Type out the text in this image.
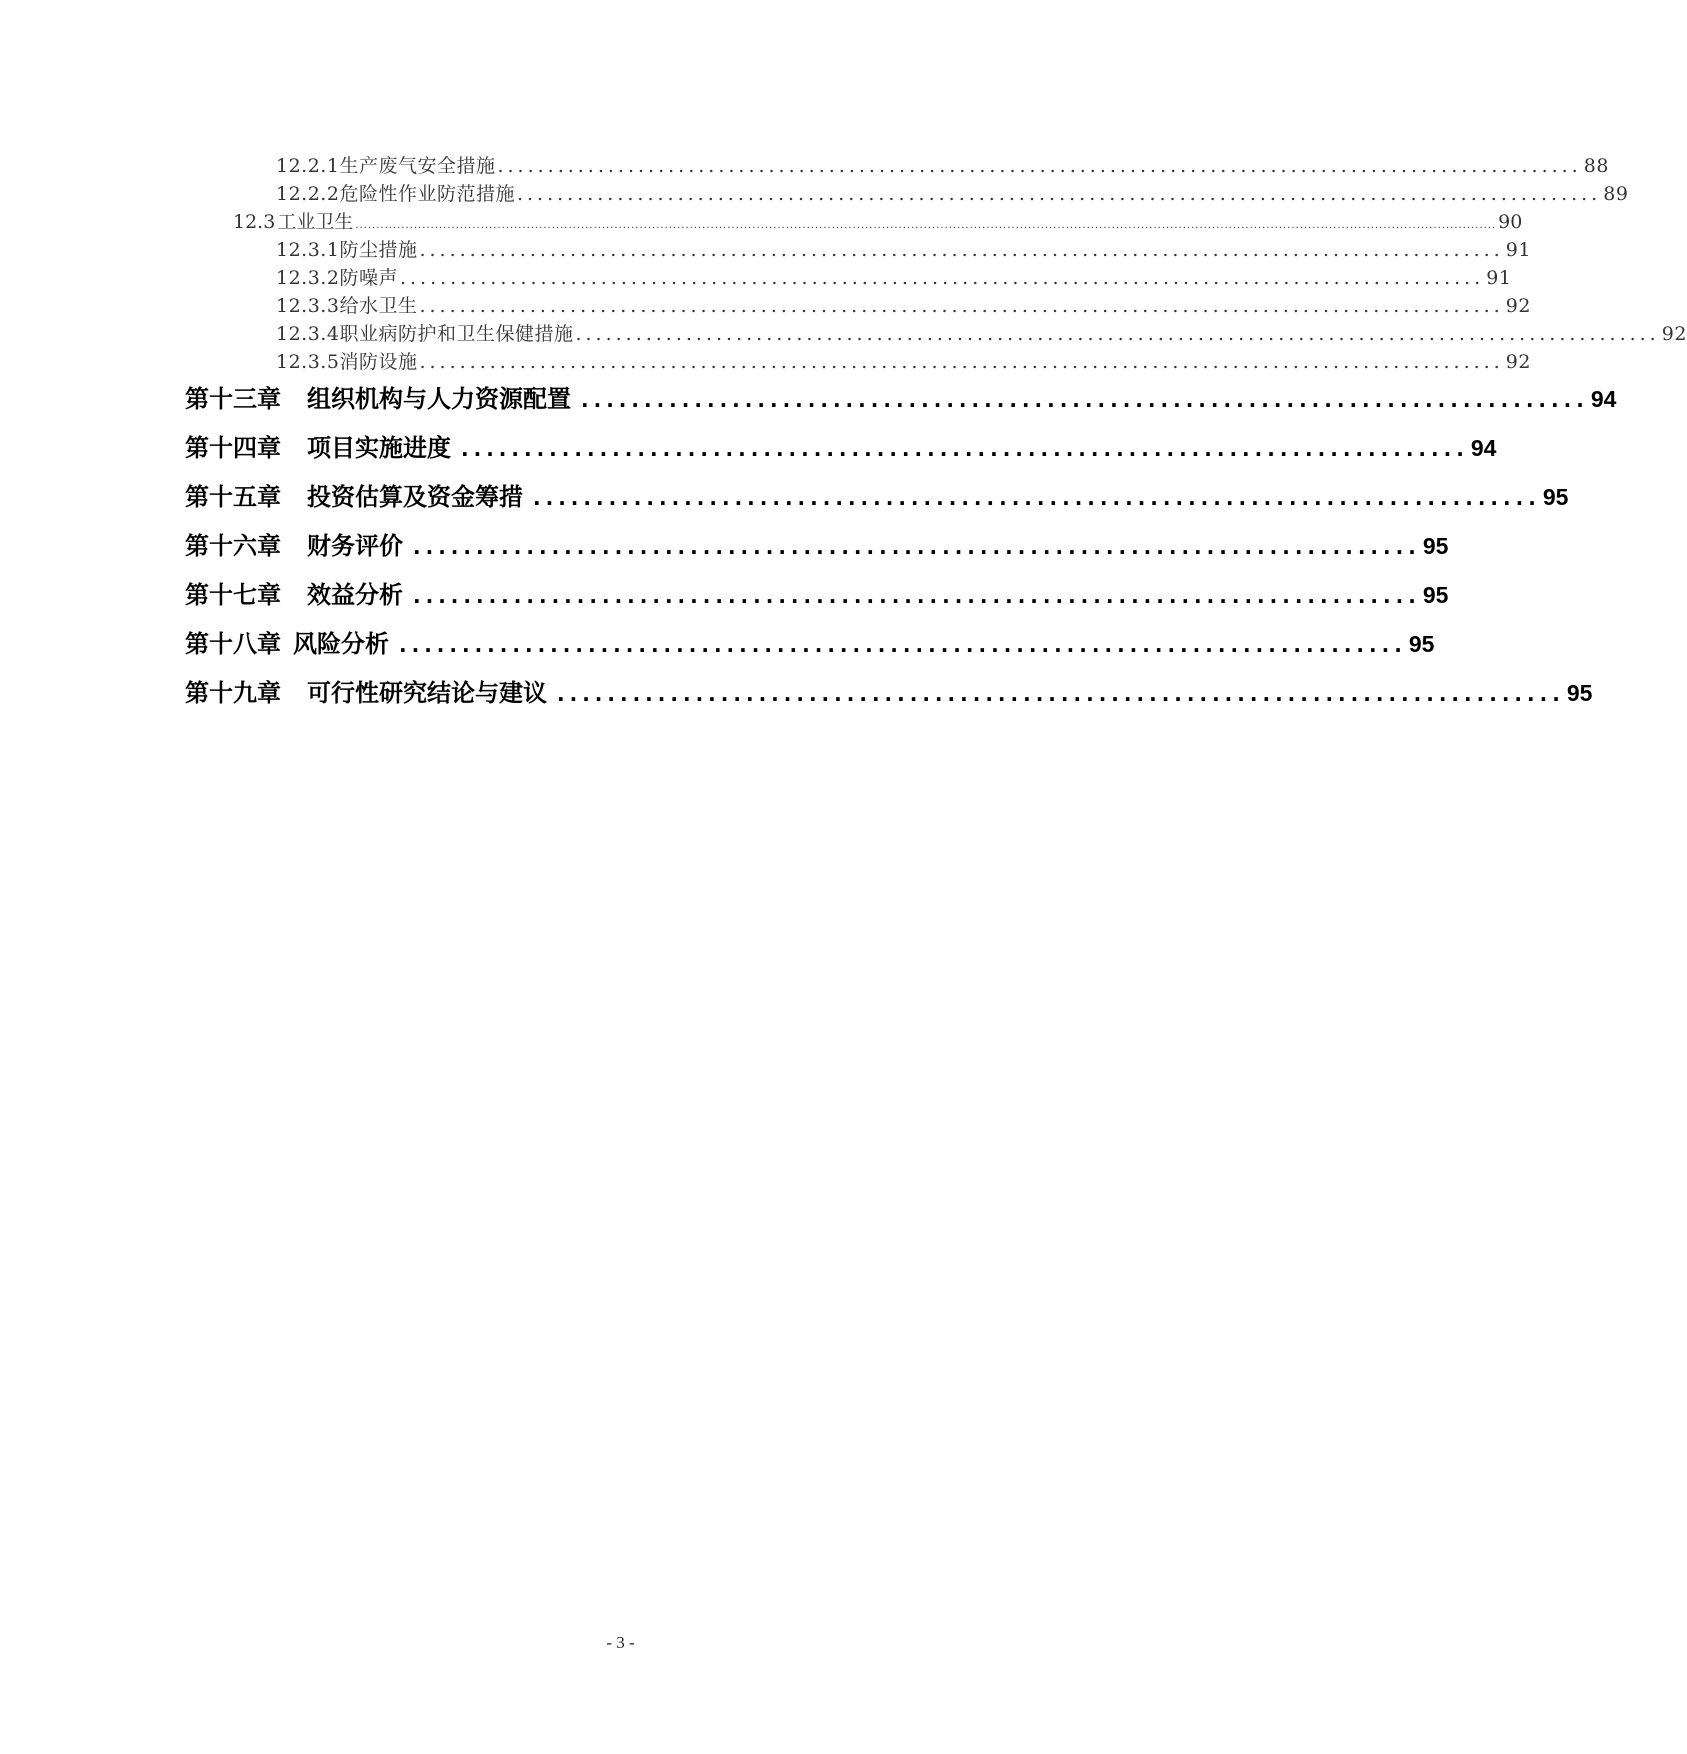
12.2.1 生产废气安全措施 ............................................................................................................ 88
12.2.2 危险性作业防范措施 ............................................................................................................ 89
12.3 工业卫生 ................................................................................................................................................................................................................................................................................. 90
12.3.1 防尘措施 ............................................................................................................ 91
12.3.2 防噪声 ............................................................................................................ 91
12.3.3 给水卫生 ............................................................................................................ 92
12.3.4 职业病防护和卫生保健措施 ............................................................................................................ 92
12.3.5 消防设施 ............................................................................................................ 92
第十三章 组织机构与人力资源配置 ................................................................................ 94
第十四章 项目实施进度 ................................................................................ 94
第十五章 投资估算及资金筹措 ................................................................................ 95
第十六章 财务评价 ................................................................................ 95
第十七章 效益分析 ................................................................................ 95
第十八章 风险分析 ................................................................................ 95
第十九章 可行性研究结论与建议 ................................................................................ 95
- 3 -
